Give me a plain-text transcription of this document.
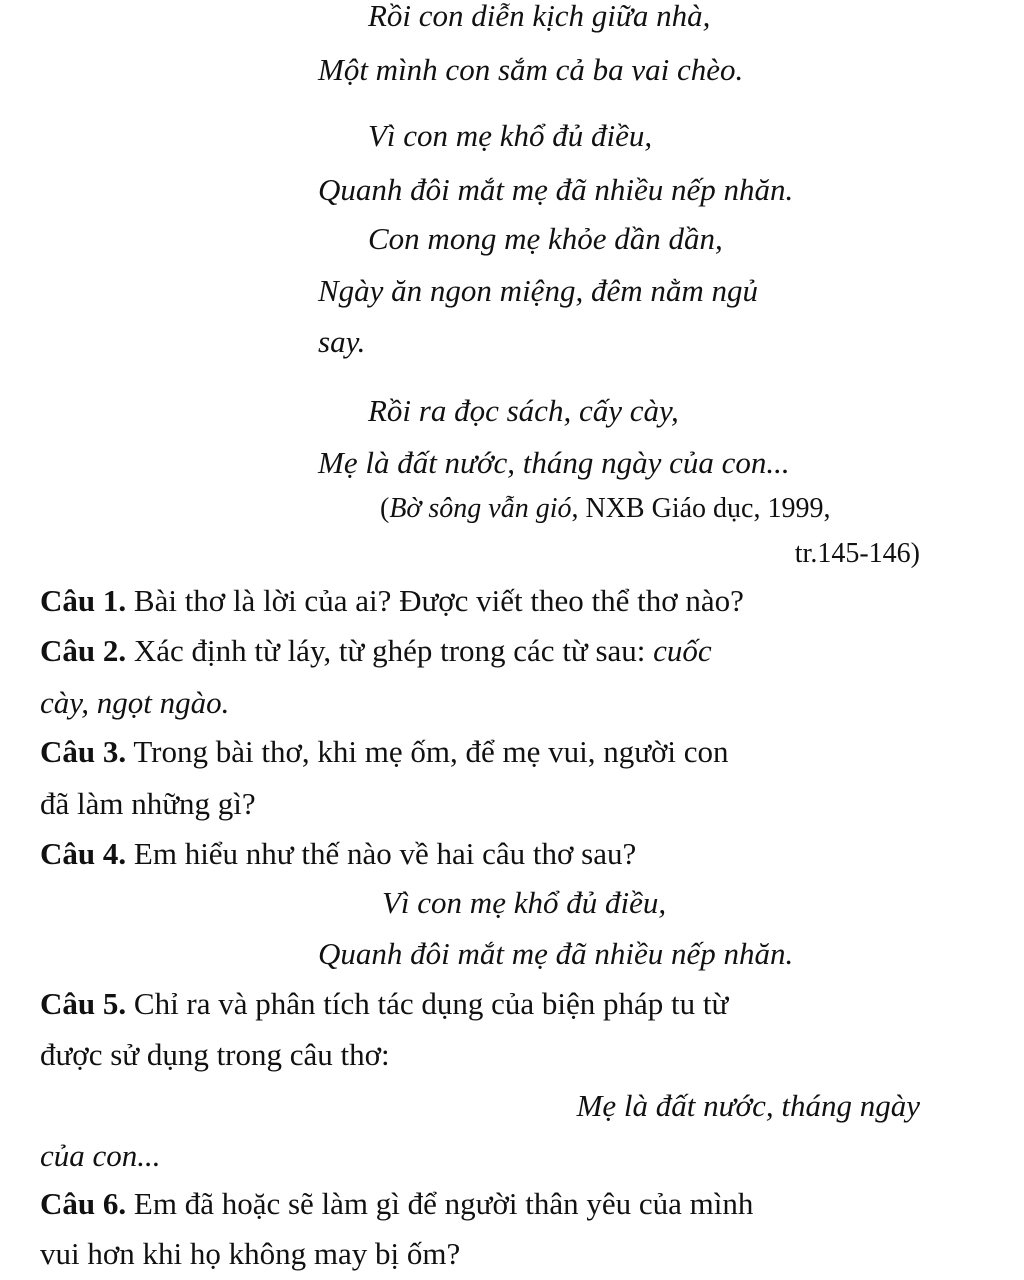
Rồi con diễn kịch giữa nhà,
Một mình con sắm cả ba vai chèo.
Vì con mẹ khổ đủ điều,
Quanh đôi mắt mẹ đã nhiều nếp nhăn.
Con mong mẹ khỏe dần dần,
Ngày ăn ngon miệng, đêm nằm ngủ
say.
Rồi ra đọc sách, cấy cày,
Mẹ là đất nước, tháng ngày của con...
(Bờ sông vẫn gió, NXB Giáo dục, 1999,
tr.145-146)
Câu 1. Bài thơ là lời của ai? Được viết theo thể thơ nào?
Câu 2. Xác định từ láy, từ ghép trong các từ sau: cuốc
cày, ngọt ngào.
Câu 3. Trong bài thơ, khi mẹ ốm, để mẹ vui, người con
đã làm những gì?
Câu 4. Em hiểu như thế nào về hai câu thơ sau?
Vì con mẹ khổ đủ điều,
Quanh đôi mắt mẹ đã nhiều nếp nhăn.
Câu 5. Chỉ ra và phân tích tác dụng của biện pháp tu từ
được sử dụng trong câu thơ:
Mẹ là đất nước, tháng ngày
của con...
Câu 6. Em đã hoặc sẽ làm gì để người thân yêu của mình
vui hơn khi họ không may bị ốm?
